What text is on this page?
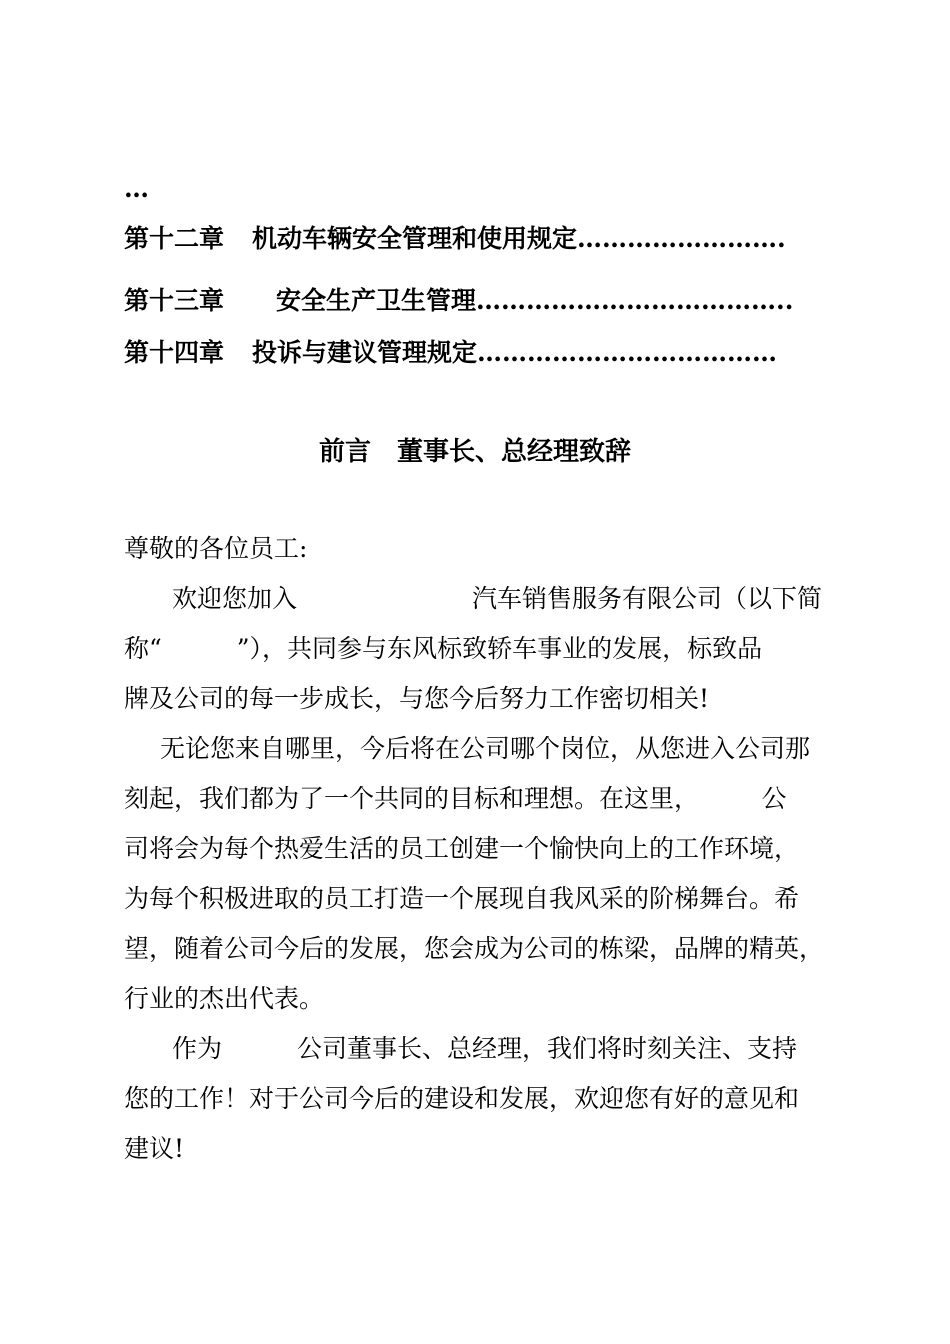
…
第十二章 机动车辆安全管理和使用规定…………………….
第十三章 安全生产卫生管理………………………………..
第十四章 投诉与建议管理规定………………………………
前言　董事长、总经理致辞
尊敬的各位员工:
欢迎您加入　　　　　　　汽车销售服务有限公司（以下简
称“　　　”），共同参与东风标致轿车事业的发展，标致品
牌及公司的每一步成长，与您今后努力工作密切相关!
无论您来自哪里，今后将在公司哪个岗位，从您进入公司那
刻起，我们都为了一个共同的目标和理想。在这里，　　　公
司将会为每个热爱生活的员工创建一个愉快向上的工作环境，
为每个积极进取的员工打造一个展现自我风采的阶梯舞台。希
望，随着公司今后的发展，您会成为公司的栋梁，品牌的精英，
行业的杰出代表。
作为　　　公司董事长、总经理，我们将时刻关注、支持
您的工作！对于公司今后的建设和发展，欢迎您有好的意见和
建议!
